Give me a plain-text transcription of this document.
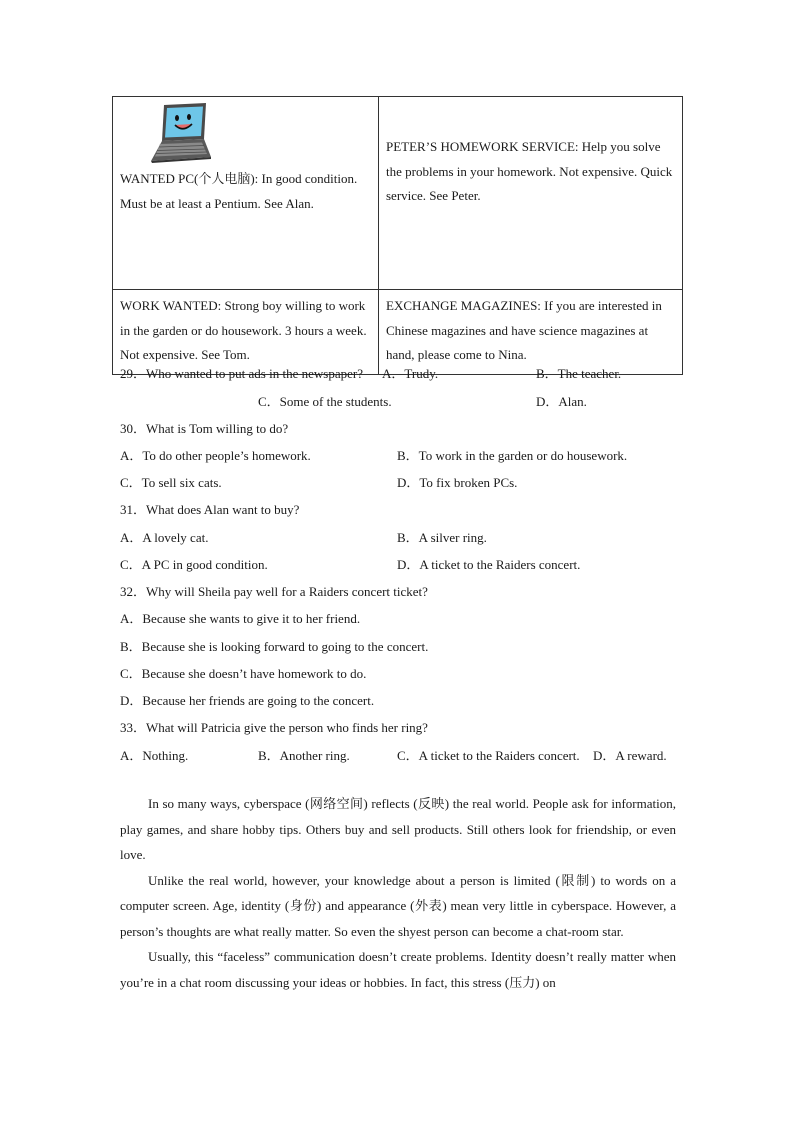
WANTED PC(个人电脑): In good condition. Must be at least a Pentium. See Alan.	PETER’S HOMEWORK SERVICE: Help you solve the problems in your homework. Not expensive. Quick service. See Peter.

WORK WANTED: Strong boy willing to work in the garden or do housework. 3 hours a week. Not expensive. See Tom.	EXCHANGE MAGAZINES: If you are interested in Chinese magazines and have science magazines at hand, please come to Nina.
29．Who wanted to put ads in the newspaper? A．Trudy.	B．The teacher.
C．Some of the students.	D．Alan.
30．What is Tom willing to do?
A．To do other people’s homework.	B．To work in the garden or do housework.
C．To sell six cats.	D．To fix broken PCs.
31．What does Alan want to buy?
A．A lovely cat.	B．A silver ring.
C．A PC in good condition.	D．A ticket to the Raiders concert.
32．Why will Sheila pay well for a Raiders concert ticket?
A．Because she wants to give it to her friend.
B．Because she is looking forward to going to the concert.
C．Because she doesn’t have homework to do.
D．Because her friends are going to the concert.
33．What will Patricia give the person who finds her ring?
A．Nothing.	B．Another ring.	C．A ticket to the Raiders concert. D．A reward.

In so many ways, cyberspace (网络空间) reflects (反映) the real world. People ask for information, play games, and share hobby tips. Others buy and sell products. Still others look for friendship, or even love.

Unlike the real world, however, your knowledge about a person is limited (限制) to words on a computer screen. Age, identity (身份) and appearance (外表) mean very little in cyberspace. However, a person’s thoughts are what really matter. So even the shyest person can become a chat-room star.

Usually, this “faceless” communication doesn’t create problems. Identity doesn’t really matter when you’re in a chat room discussing your ideas or hobbies. In fact, this stress (压力) on
